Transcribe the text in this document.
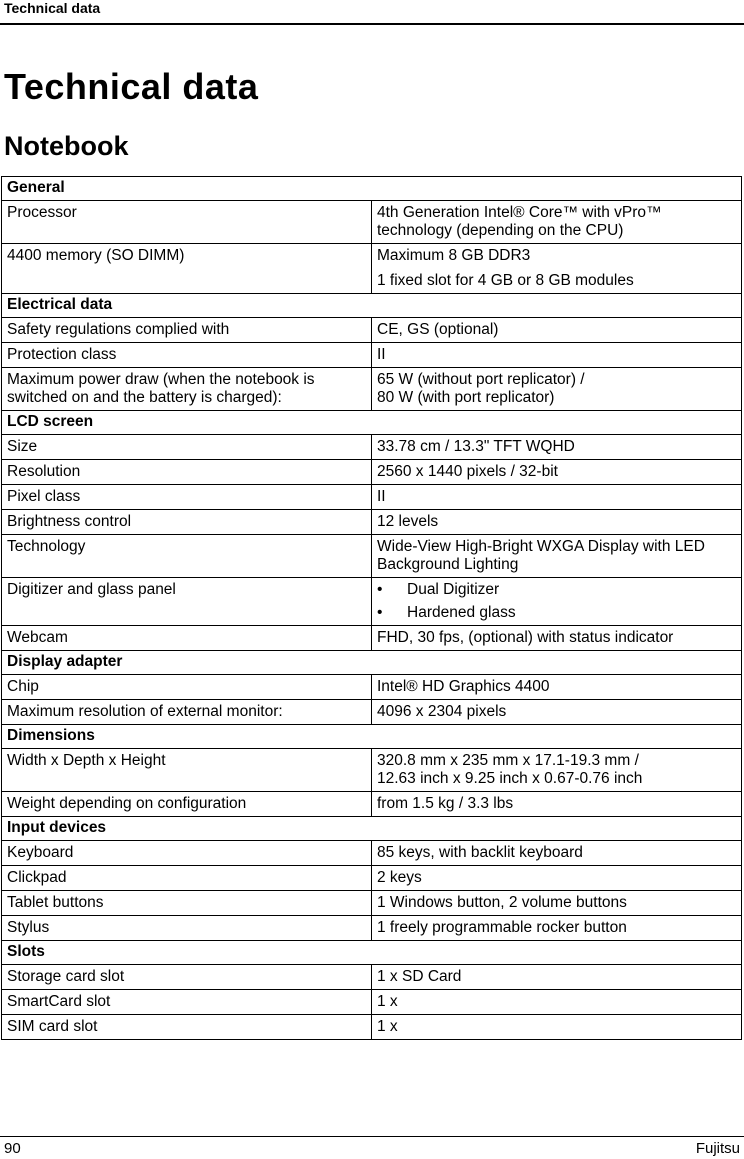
Technical data
Technical data
Notebook
General	
Processor	4th Generation Intel® Core™ with vPro™ technology (depending on the CPU)
4400 memory (SO DIMM)	Maximum 8 GB DDR3
1 fixed slot for 4 GB or 8 GB modules

Electrical data	
Safety regulations complied with	CE, GS (optional)
Protection class	II
Maximum power draw (when the notebook is switched on and the battery is charged):	65 W (without port replicator) /
80 W (with port replicator)

LCD screen	
Size	33.78 cm / 13.3" TFT WQHD
Resolution	2560 x 1440 pixels / 32-bit
Pixel class	II
Brightness control	12 levels
Technology	Wide-View High-Bright WXGA Display with LED Background Lighting
Digitizer and glass panel	• Dual Digitizer
• Hardened glass

Webcam	FHD, 30 fps, (optional) with status indicator
Display adapter	
Chip	Intel® HD Graphics 4400
Maximum resolution of external monitor:	4096 x 2304 pixels
Dimensions	
Width x Depth x Height	320.8 mm x 235 mm x 17.1-19.3 mm /
12.63 inch x 9.25 inch x 0.67-0.76 inch

Weight depending on configuration	from 1.5 kg / 3.3 lbs
Input devices	
Keyboard	85 keys, with backlit keyboard
Clickpad	2 keys
Tablet buttons	1 Windows button, 2 volume buttons
Stylus	1 freely programmable rocker button
Slots	
Storage card slot	1 x SD Card
SmartCard slot	1 x
SIM card slot	1 x
90	Fujitsu
